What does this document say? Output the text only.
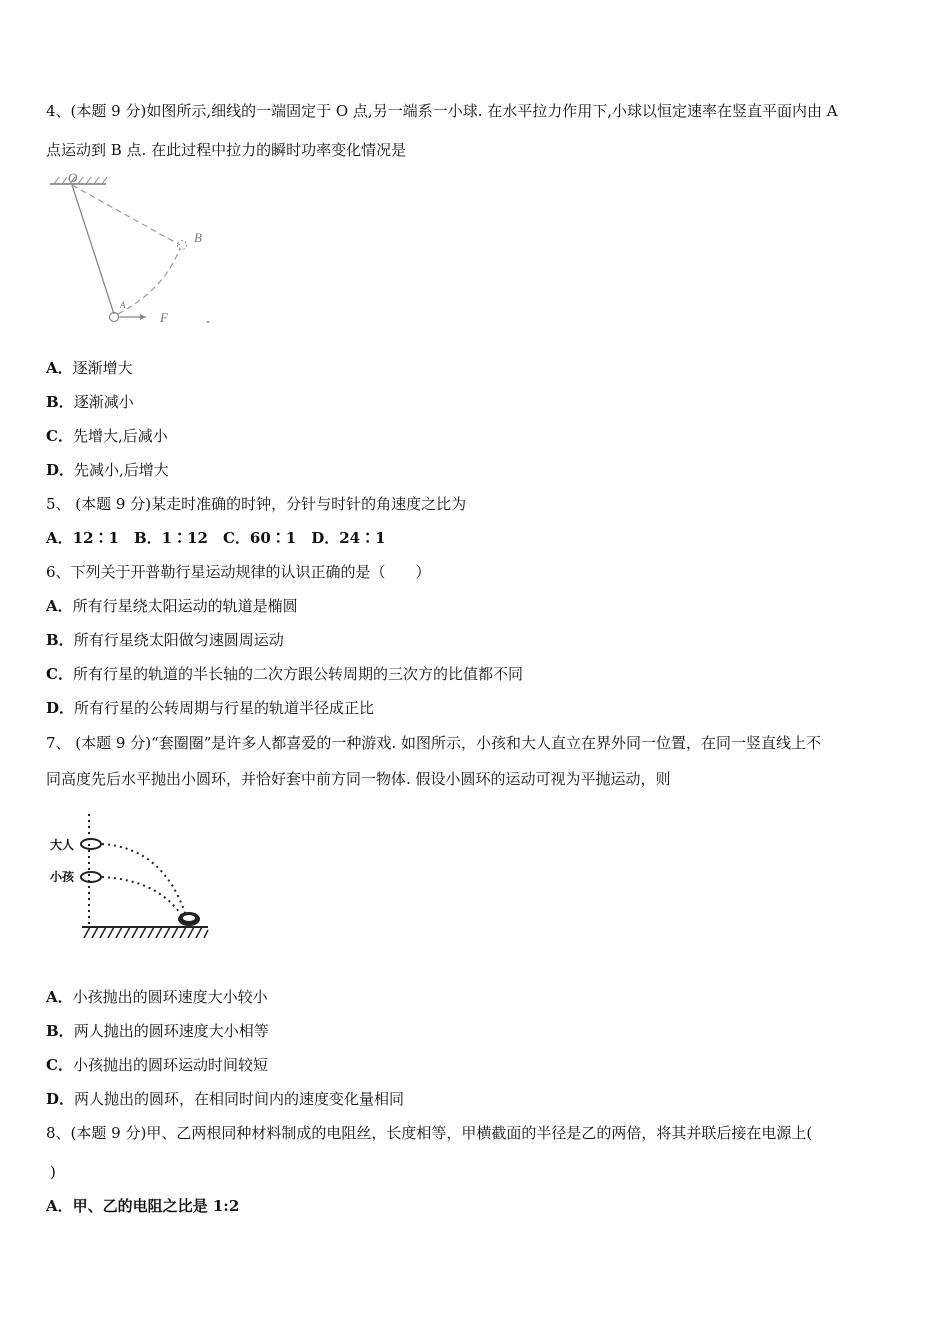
4、(本题 9 分)如图所示,细线的一端固定于 O 点,另一端系一小球. 在水平拉力作用下,小球以恒定速率在竖直平面内由 A
点运动到 B 点. 在此过程中拉力的瞬时功率变化情况是
O
B
A
F
A．逐渐增大
B．逐渐减小
C．先增大,后减小
D．先减小,后增大
5、 (本题 9 分)某走时准确的时钟，分针与时针的角速度之比为
A．12∶1　B．1∶12　C．60∶1　D．24∶1
6、下列关于开普勒行星运动规律的认识正确的是（　　）
A．所有行星绕太阳运动的轨道是椭圆
B．所有行星绕太阳做匀速圆周运动
C．所有行星的轨道的半长轴的二次方跟公转周期的三次方的比值都不同
D．所有行星的公转周期与行星的轨道半径成正比
7、 (本题 9 分)“套圈圈”是许多人都喜爱的一种游戏. 如图所示，小孩和大人直立在界外同一位置，在同一竖直线上不
同高度先后水平抛出小圆环，并恰好套中前方同一物体. 假设小圆环的运动可视为平抛运动，则
大人
小孩
A．小孩抛出的圆环速度大小较小
B．两人抛出的圆环速度大小相等
C．小孩抛出的圆环运动时间较短
D．两人抛出的圆环，在相同时间内的速度变化量相同
8、(本题 9 分)甲、乙两根同种材料制成的电阻丝，长度相等，甲横截面的半径是乙的两倍，将其并联后接在电源上(
)
A．甲、乙的电阻之比是 1:2
